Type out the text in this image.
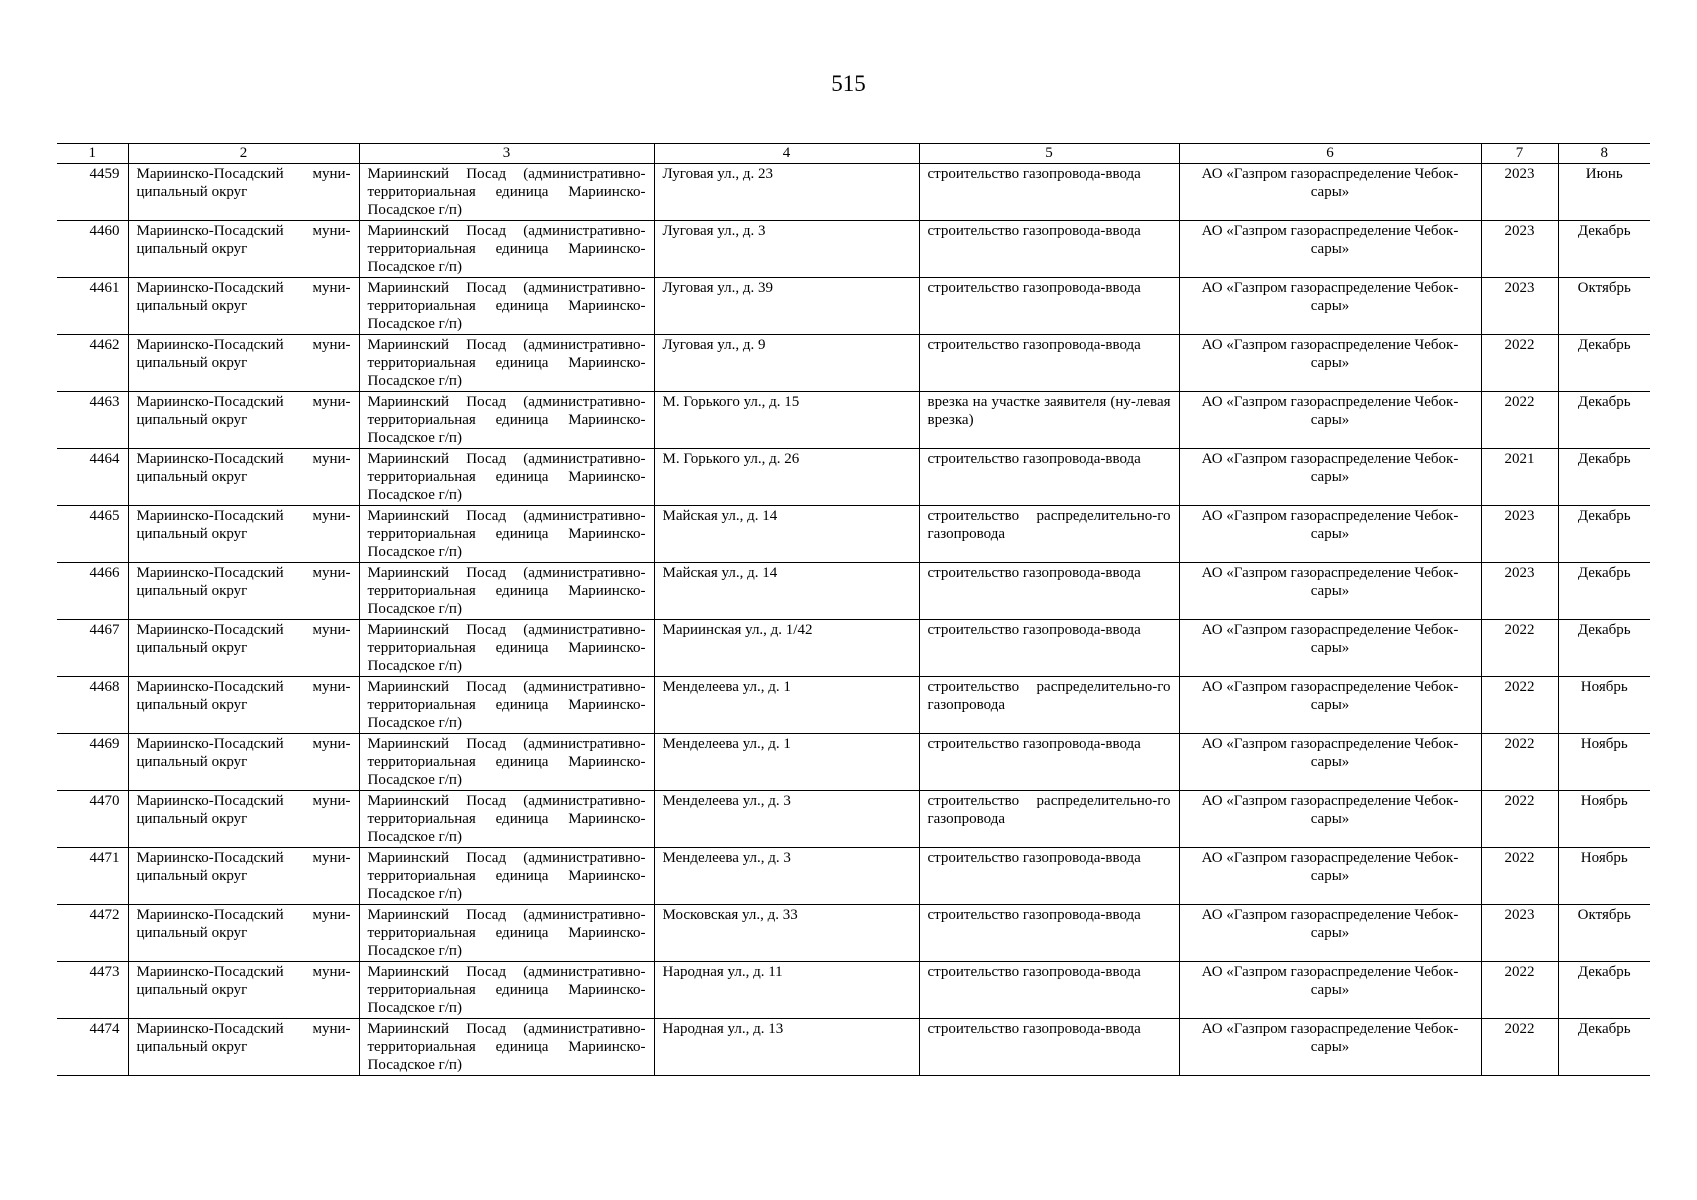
515
1	2	3	4	5	6	7	8
4459	Мариинско-Посадский муни-ципальный округ	Мариинский Посад (административно-территориальная единица Мариинско-Посадское г/п)	Луговая ул., д. 23	строительство газопровода-ввода	АО «Газпром газораспределение Чебок-сары»	2023	Июнь
4460	Мариинско-Посадский муни-ципальный округ	Мариинский Посад (административно-территориальная единица Мариинско-Посадское г/п)	Луговая ул., д. 3	строительство газопровода-ввода	АО «Газпром газораспределение Чебок-сары»	2023	Декабрь
4461	Мариинско-Посадский муни-ципальный округ	Мариинский Посад (административно-территориальная единица Мариинско-Посадское г/п)	Луговая ул., д. 39	строительство газопровода-ввода	АО «Газпром газораспределение Чебок-сары»	2023	Октябрь
4462	Мариинско-Посадский муни-ципальный округ	Мариинский Посад (административно-территориальная единица Мариинско-Посадское г/п)	Луговая ул., д. 9	строительство газопровода-ввода	АО «Газпром газораспределение Чебок-сары»	2022	Декабрь
4463	Мариинско-Посадский муни-ципальный округ	Мариинский Посад (административно-территориальная единица Мариинско-Посадское г/п)	М. Горького ул., д. 15	врезка на участке заявителя (ну-левая врезка)	АО «Газпром газораспределение Чебок-сары»	2022	Декабрь
4464	Мариинско-Посадский муни-ципальный округ	Мариинский Посад (административно-территориальная единица Мариинско-Посадское г/п)	М. Горького ул., д. 26	строительство газопровода-ввода	АО «Газпром газораспределение Чебок-сары»	2021	Декабрь
4465	Мариинско-Посадский муни-ципальный округ	Мариинский Посад (административно-территориальная единица Мариинско-Посадское г/п)	Майская ул., д. 14	строительство распределительно-го газопровода	АО «Газпром газораспределение Чебок-сары»	2023	Декабрь
4466	Мариинско-Посадский муни-ципальный округ	Мариинский Посад (административно-территориальная единица Мариинско-Посадское г/п)	Майская ул., д. 14	строительство газопровода-ввода	АО «Газпром газораспределение Чебок-сары»	2023	Декабрь
4467	Мариинско-Посадский муни-ципальный округ	Мариинский Посад (административно-территориальная единица Мариинско-Посадское г/п)	Мариинская ул., д. 1/42	строительство газопровода-ввода	АО «Газпром газораспределение Чебок-сары»	2022	Декабрь
4468	Мариинско-Посадский муни-ципальный округ	Мариинский Посад (административно-территориальная единица Мариинско-Посадское г/п)	Менделеева ул., д. 1	строительство распределительно-го газопровода	АО «Газпром газораспределение Чебок-сары»	2022	Ноябрь
4469	Мариинско-Посадский муни-ципальный округ	Мариинский Посад (административно-территориальная единица Мариинско-Посадское г/п)	Менделеева ул., д. 1	строительство газопровода-ввода	АО «Газпром газораспределение Чебок-сары»	2022	Ноябрь
4470	Мариинско-Посадский муни-ципальный округ	Мариинский Посад (административно-территориальная единица Мариинско-Посадское г/п)	Менделеева ул., д. 3	строительство распределительно-го газопровода	АО «Газпром газораспределение Чебок-сары»	2022	Ноябрь
4471	Мариинско-Посадский муни-ципальный округ	Мариинский Посад (административно-территориальная единица Мариинско-Посадское г/п)	Менделеева ул., д. 3	строительство газопровода-ввода	АО «Газпром газораспределение Чебок-сары»	2022	Ноябрь
4472	Мариинско-Посадский муни-ципальный округ	Мариинский Посад (административно-территориальная единица Мариинско-Посадское г/п)	Московская ул., д. 33	строительство газопровода-ввода	АО «Газпром газораспределение Чебок-сары»	2023	Октябрь
4473	Мариинско-Посадский муни-ципальный округ	Мариинский Посад (административно-территориальная единица Мариинско-Посадское г/п)	Народная ул., д. 11	строительство газопровода-ввода	АО «Газпром газораспределение Чебок-сары»	2022	Декабрь
4474	Мариинско-Посадский муни-ципальный округ	Мариинский Посад (административно-территориальная единица Мариинско-Посадское г/п)	Народная ул., д. 13	строительство газопровода-ввода	АО «Газпром газораспределение Чебок-сары»	2022	Декабрь
